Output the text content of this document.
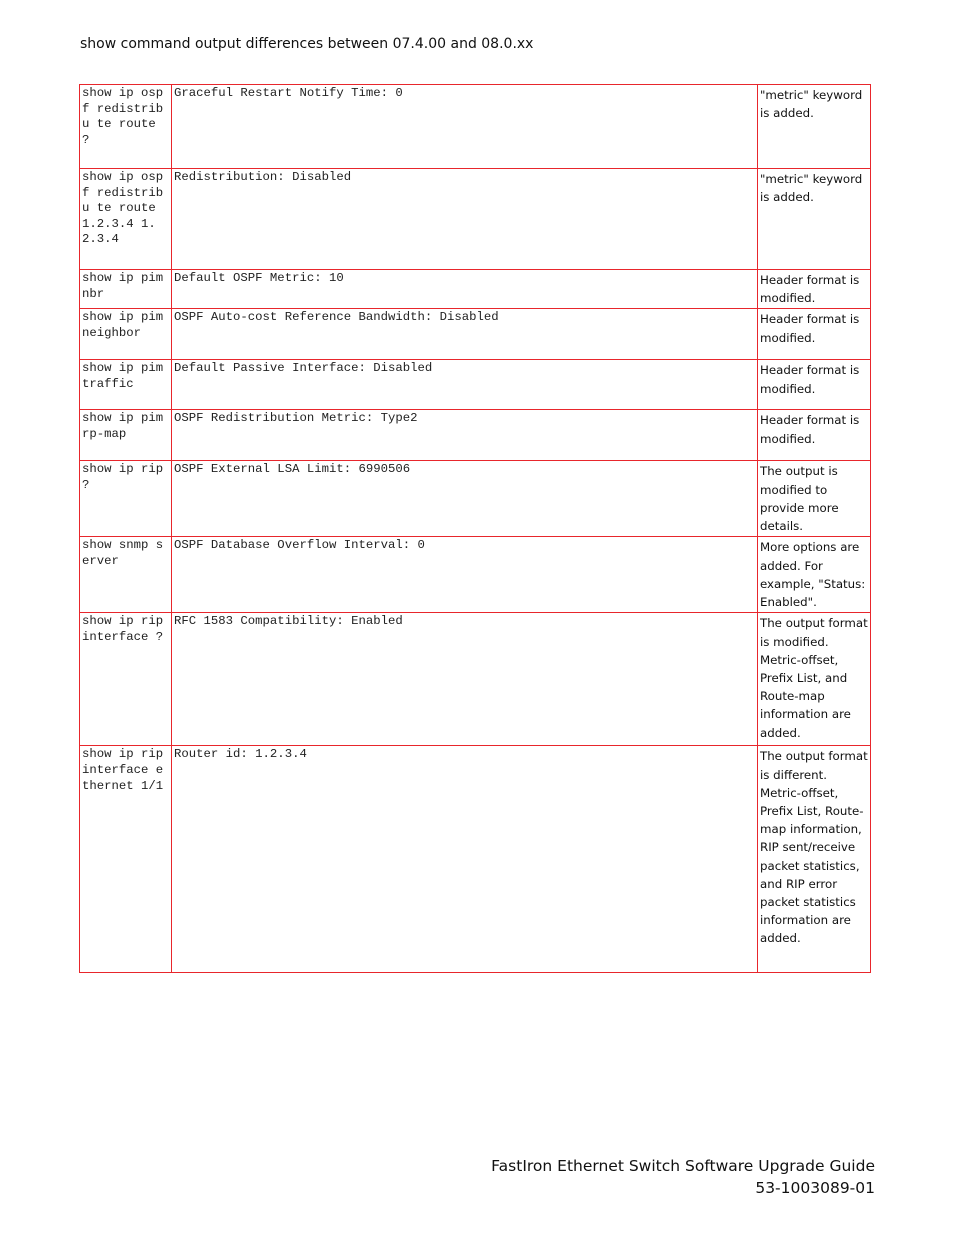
show command output differences between 07.4.00 and 08.0.xx
show ip ospf redistribu te route ?	Graceful Restart Notify Time: 0	"metric" keyword is added.
show ip ospf redistribu te route 1.2.3.4 1.2.3.4	Redistribution: Disabled	"metric" keyword is added.
show ip pim nbr	Default OSPF Metric: 10	Header format is modified.
show ip pim neighbor	OSPF Auto-cost Reference Bandwidth: Disabled	Header format is modified.
show ip pim traffic	Default Passive Interface: Disabled	Header format is modified.
show ip pim rp-map	OSPF Redistribution Metric: Type2	Header format is modified.
show ip rip ?	OSPF External LSA Limit: 6990506	The output is modified to provide more details.
show snmp server	OSPF Database Overflow Interval: 0	More options are added. For example, "Status: Enabled".
show ip rip interface ?	RFC 1583 Compatibility: Enabled	The output format is modified. Metric-offset, Prefix List, and Route-map information are added.
show ip rip interface ethernet 1/1	Router id: 1.2.3.4	The output format is different. Metric-offset, Prefix List, Route-map information, RIP sent/receive packet statistics, and RIP error packet statistics information are added.
FastIron Ethernet Switch Software Upgrade Guide
53-1003089-01
